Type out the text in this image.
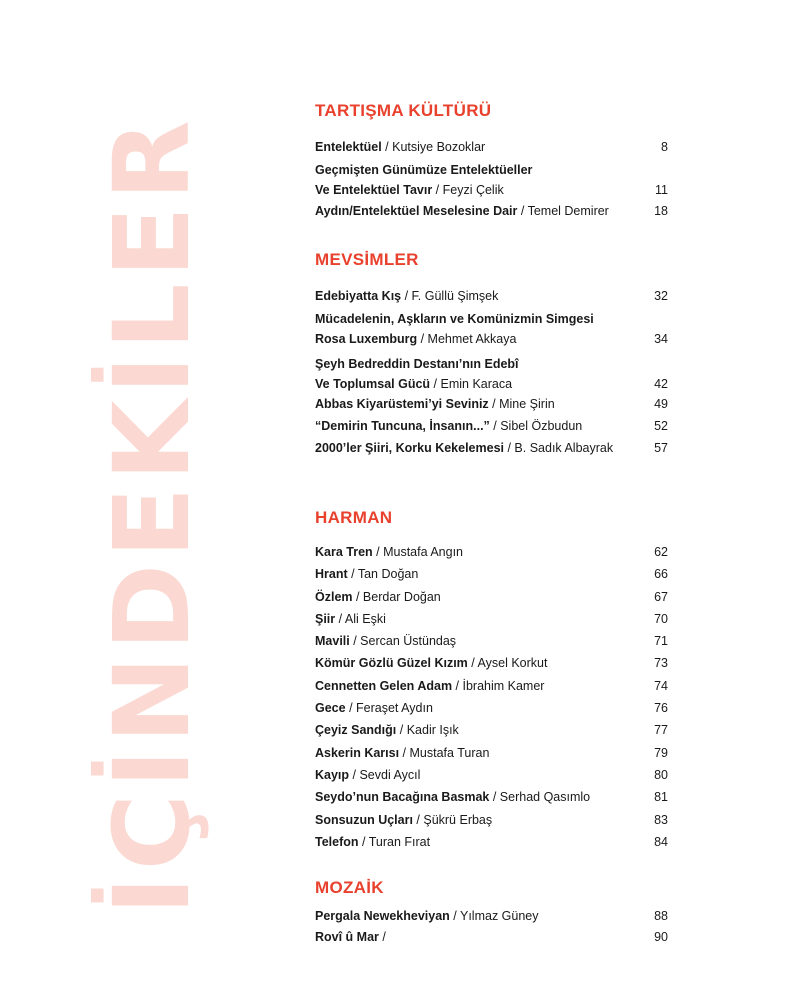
İÇİNDEKİLER
TARTIŞMA KÜLTÜRÜ
Entelektüel / Kutsiye Bozoklar	8
Geçmişten Günümüze Entelektüeller
Ve Entelektüel Tavır / Feyzi Çelik	11
Aydın/Entelektüel Meselesine Dair / Temel Demirer	18
MEVSİMLER
Edebiyatta Kış / F. Güllü Şimşek	32
Mücadelenin, Aşkların ve Komünizmin Simgesi
Rosa Luxemburg / Mehmet Akkaya	34
Şeyh Bedreddin Destanı’nın Edebî
Ve Toplumsal Gücü / Emin Karaca	42
Abbas Kiyarüstemi’yi Seviniz / Mine Şirin	49
“Demirin Tuncuna, İnsanın...” / Sibel Özbudun	52
2000’ler Şiiri, Korku Kekelemesi / B. Sadık Albayrak	57
HARMAN
Kara Tren / Mustafa Angın	62
Hrant / Tan Doğan	66
Özlem / Berdar Doğan	67
Şiir / Ali Eşki	70
Mavili / Sercan Üstündaş	71
Kömür Gözlü Güzel Kızım / Aysel Korkut	73
Cennetten Gelen Adam / İbrahim Kamer	74
Gece / Feraşet Aydın	76
Çeyiz Sandığı / Kadir Işık	77
Askerin Karısı / Mustafa Turan	79
Kayıp / Sevdi Aycıl	80
Seydo’nun Bacağına Basmak / Serhad Qasımlo	81
Sonsuzun Uçları / Şükrü Erbaş	83
Telefon / Turan Fırat	84
MOZAİK
Pergala Newekheviyan / Yılmaz Güney	88
Rovî û Mar /	90
